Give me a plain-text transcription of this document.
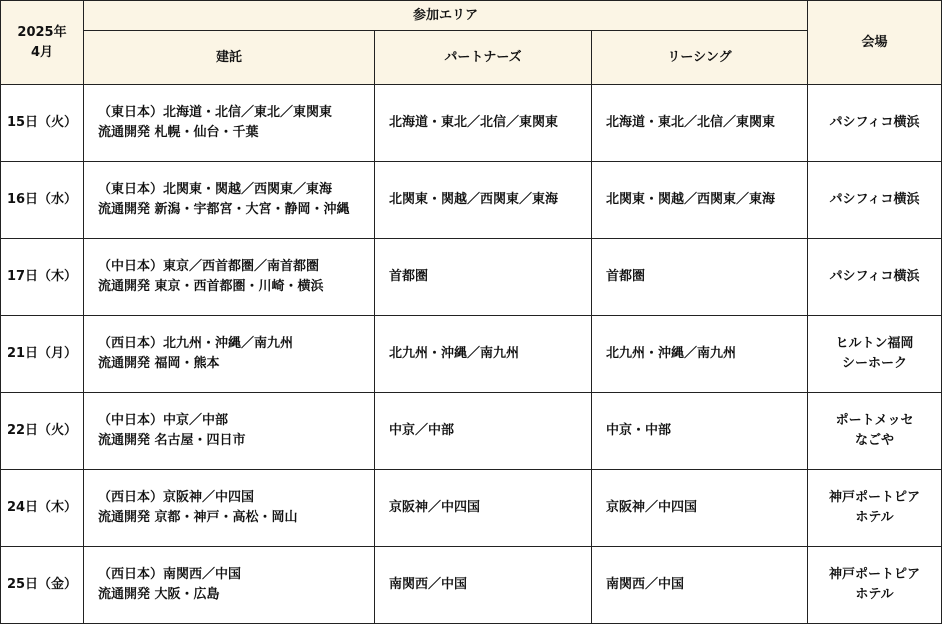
2025年
4月	参加エリア			会場
	建託	パートナーズ	リーシング	
15日（火）	（東日本）北海道・北信／東北／東関東
流通開発 札幌・仙台・千葉	北海道・東北／北信／東関東	北海道・東北／北信／東関東	パシフィコ横浜

16日（水）	（東日本）北関東・関越／西関東／東海
流通開発 新潟・宇都宮・大宮・静岡・沖縄	北関東・関越／西関東／東海	北関東・関越／西関東／東海	パシフィコ横浜

17日（木）	（中日本）東京／西首都圏／南首都圏
流通開発 東京・西首都圏・川崎・横浜	首都圏	首都圏	パシフィコ横浜

21日（月）	（西日本）北九州・沖縄／南九州
流通開発 福岡・熊本	北九州・沖縄／南九州	北九州・沖縄／南九州	ヒルトン福岡
シーホーク

22日（火）	（中日本）中京／中部
流通開発 名古屋・四日市	中京／中部	中京・中部	ポートメッセ
なごや

24日（木）	（西日本）京阪神／中四国
流通開発 京都・神戸・高松・岡山	京阪神／中四国	京阪神／中四国	神戸ポートピア
ホテル

25日（金）	（西日本）南関西／中国
流通開発 大阪・広島	南関西／中国	南関西／中国	神戸ポートピア
ホテル
